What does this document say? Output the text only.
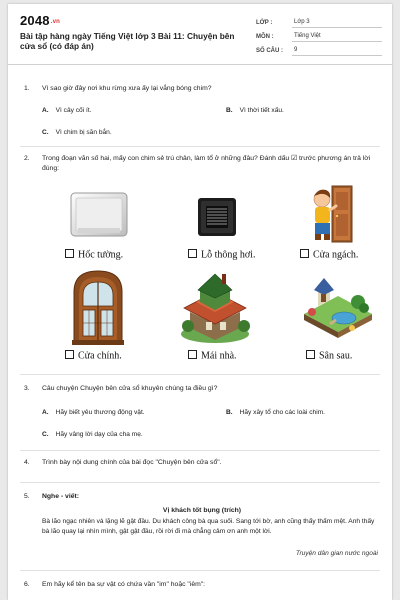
2048.vn
Bài tập hàng ngày Tiếng Việt lớp 3 Bài 11: Chuyện bên cửa sổ (có đáp án)
LỚP :	Lớp 3
MÔN :	Tiếng Việt
SỐ CÂU :	9
1.	Vì sao giờ đây nơi khu rừng xưa ấy lại vắng bóng chim?
A. Vì cây cối ít.	B. Vì thời tiết xấu.
C. Vì chim bị săn bắn.
2.	Trong đoạn văn số hai, mấy con chim sẻ trú chân, làm tổ ở những đâu? Đánh dấu ☑ trước phương án trả lời đúng:
Hốc tường.	Lỗ thông hơi.	Cửa ngách.
Cửa chính.	Mái nhà.	Sân sau.
3.	Câu chuyện Chuyện bên cửa sổ khuyên chúng ta điều gì?
A. Hãy biết yêu thương động vật.	B. Hãy xây tổ cho các loài chim.
C. Hãy vâng lời dạy của cha mẹ.
4.	Trình bày nội dung chính của bài đọc "Chuyện bên cửa sổ".
5.	Nghe - viết:
Vị khách tốt bụng (trích)
Bà lão ngạc nhiên và lặng lẽ gật đầu. Du khách công bà qua suối. Sang tới bờ, anh cũng thấy thấm mệt. Anh thấy bà lão quay lại nhìn mình, gật gật đầu, rồi rời đi mà chẳng cảm ơn anh một lời.
Truyện dân gian nước ngoài
6.	Em hãy kể tên ba sự vật có chứa vần "im" hoặc "iêm":
